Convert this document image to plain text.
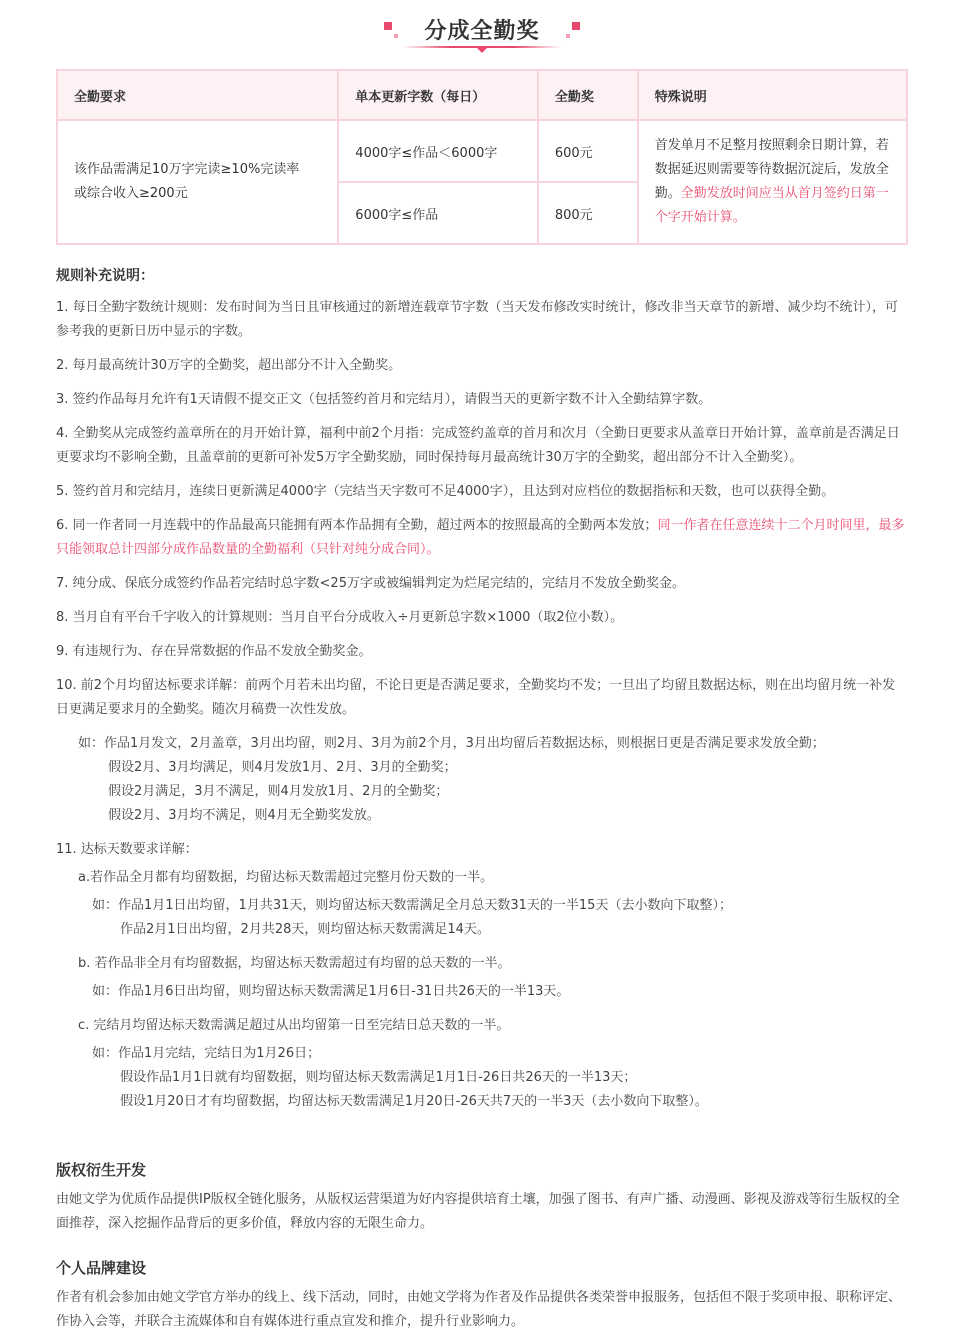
分成全勤奖
全勤要求	单本更新字数（每日）	全勤奖	特殊说明

该作品需满足10万字完读≥10%完读率
或综合收入≥200元	4000字≤作品＜6000字	600元	首发单月不足整月按照剩余日期计算，若数据延迟则需要等待数据沉淀后，发放全勤。全勤发放时间应当从首月签约日第一个字开始计算。
	6000字≤作品	800元	
规则补充说明：

1. 每日全勤字数统计规则：发布时间为当日且审核通过的新增连载章节字数（当天发布修改实时统计，修改非当天章节的新增、减少均不统计），可参考我的更新日历中显示的字数。

2. 每月最高统计30万字的全勤奖，超出部分不计入全勤奖。

3. 签约作品每月允许有1天请假不提交正文（包括签约首月和完结月），请假当天的更新字数不计入全勤结算字数。

4. 全勤奖从完成签约盖章所在的月开始计算，福利中前2个月指：完成签约盖章的首月和次月（全勤日更要求从盖章日开始计算，盖章前是否满足日更要求均不影响全勤，且盖章前的更新可补发5万字全勤奖励，同时保持每月最高统计30万字的全勤奖，超出部分不计入全勤奖）。

5. 签约首月和完结月，连续日更新满足4000字（完结当天字数可不足4000字），且达到对应档位的数据指标和天数，也可以获得全勤。

6. 同一作者同一月连载中的作品最高只能拥有两本作品拥有全勤，超过两本的按照最高的全勤两本发放；同一作者在任意连续十二个月时间里，最多只能领取总计四部分成作品数量的全勤福利（只针对纯分成合同）。

7. 纯分成、保底分成签约作品若完结时总字数<25万字或被编辑判定为烂尾完结的，完结月不发放全勤奖金。

8. 当月自有平台千字收入的计算规则：当月自平台分成收入÷月更新总字数×1000（取2位小数）。

9. 有违规行为、存在异常数据的作品不发放全勤奖金。

10. 前2个月均留达标要求详解：前两个月若未出均留，不论日更是否满足要求，全勤奖均不发；一旦出了均留且数据达标，则在出均留月统一补发日更满足要求月的全勤奖。随次月稿费一次性发放。

如：作品1月发文，2月盖章，3月出均留，则2月、3月为前2个月，3月出均留后若数据达标，则根据日更是否满足要求发放全勤；
假设2月、3月均满足，则4月发放1月、2月、3月的全勤奖；
假设2月满足，3月不满足，则4月发放1月、2月的全勤奖；
假设2月、3月均不满足，则4月无全勤奖发放。

11. 达标天数要求详解：

a.若作品全月都有均留数据，均留达标天数需超过完整月份天数的一半。
如：作品1月1日出均留，1月共31天，则均留达标天数需满足全月总天数31天的一半15天（去小数向下取整）；
作品2月1日出均留，2月共28天，则均留达标天数需满足14天。
b. 若作品非全月有均留数据，均留达标天数需超过有均留的总天数的一半。
如：作品1月6日出均留，则均留达标天数需满足1月6日-31日共26天的一半13天。
c. 完结月均留达标天数需满足超过从出均留第一日至完结日总天数的一半。
如：作品1月完结，完结日为1月26日；
假设作品1月1日就有均留数据，则均留达标天数需满足1月1日-26日共26天的一半13天；
假设1月20日才有均留数据，均留达标天数需满足1月20日-26天共7天的一半3天（去小数向下取整）。
版权衍生开发

由她文学为优质作品提供IP版权全链化服务，从版权运营渠道为好内容提供培育土壤，加强了图书、有声广播、动漫画、影视及游戏等衍生版权的全面推荐，深入挖掘作品背后的更多价值，释放内容的无限生命力。

个人品牌建设

作者有机会参加由她文学官方举办的线上、线下活动，同时，由她文学将为作者及作品提供各类荣誉申报服务，包括但不限于奖项申报、职称评定、作协入会等，并联合主流媒体和自有媒体进行重点宣发和推介，提升行业影响力。
